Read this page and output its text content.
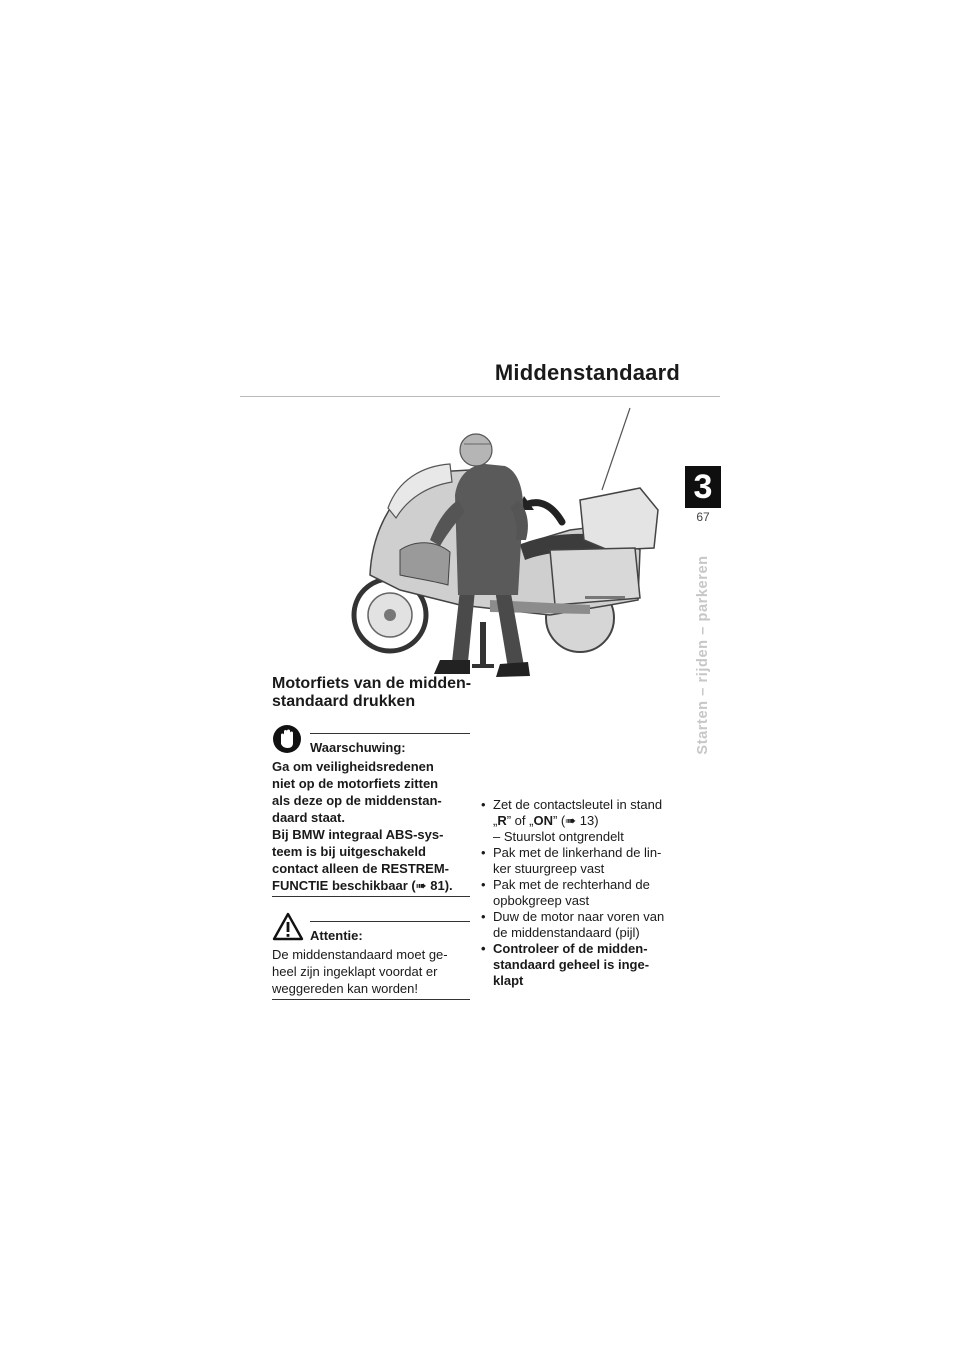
Middenstandaard
3
67
Starten – rijden – parkeren
Motorfiets van de midden-
standaard drukken
Waarschuwing:
Ga om veiligheidsredenen
niet op de motorfiets zitten
als deze op de middenstan-
daard staat.
Bij BMW integraal ABS-sys-
teem is bij uitgeschakeld
contact alleen de RESTREM-
FUNCTIE beschikbaar (➠ 81).
Attentie:
De middenstandaard moet ge-
heel zijn ingeklapt voordat er
weggereden kan worden!
• Zet de contactsleutel in stand
„R” of „ON” (➠ 13)
– Stuurslot ontgrendelt
• Pak met de linkerhand de lin-
ker stuurgreep vast
• Pak met de rechterhand de
opbokgreep vast
• Duw de motor naar voren van
de middenstandaard (pijl)
• Controleer of de midden-
standaard geheel is inge-
klapt
